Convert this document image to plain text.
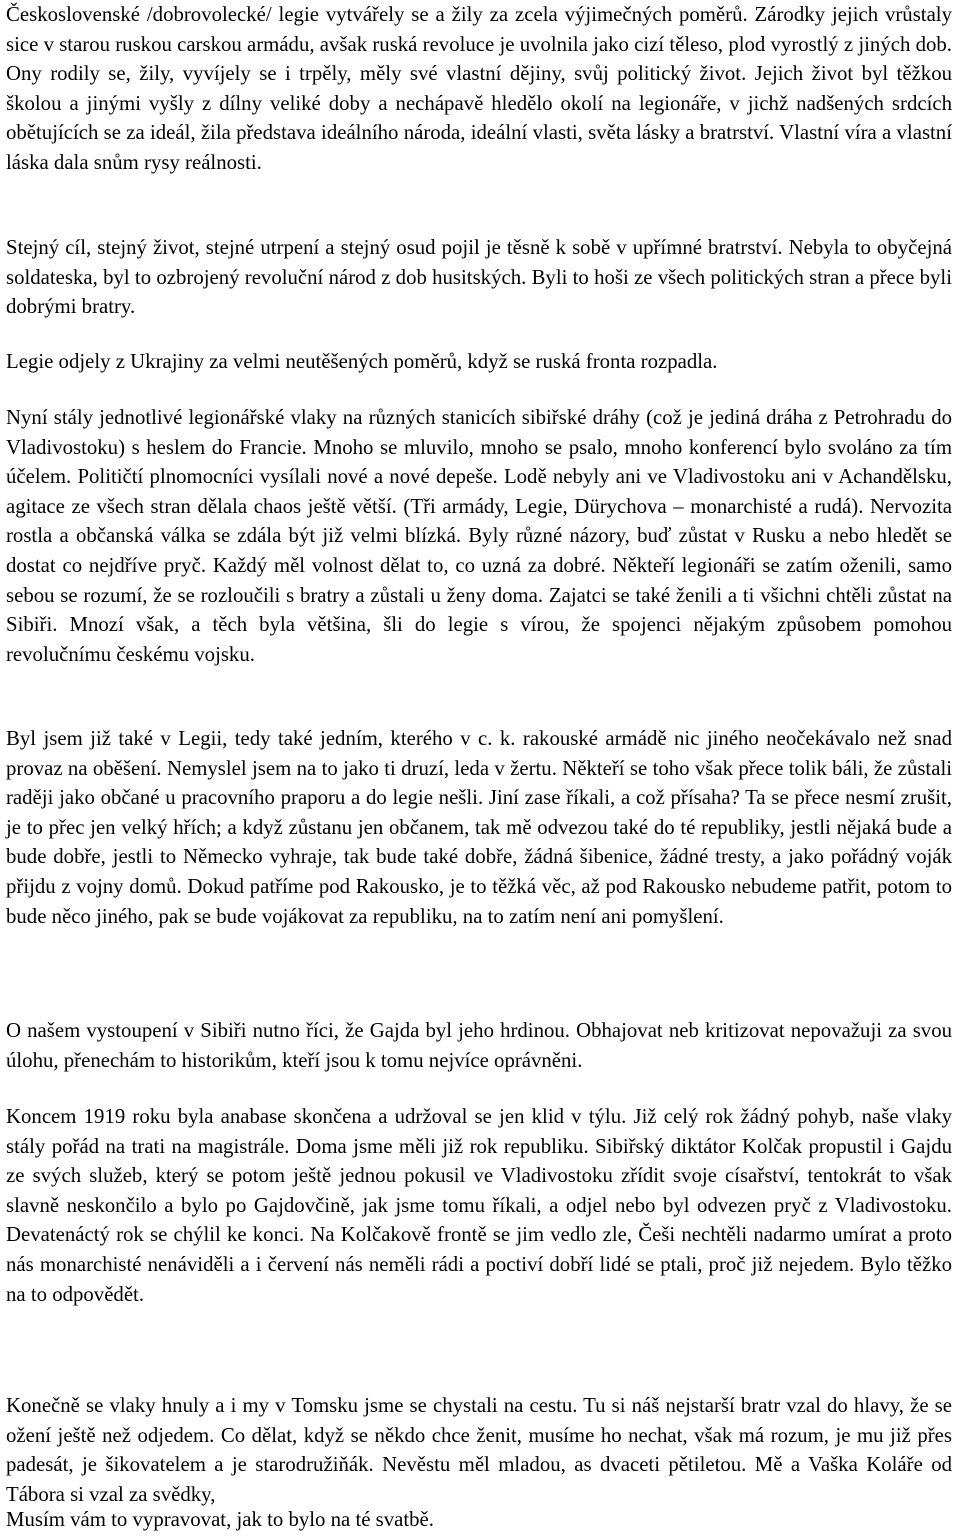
Československé /dobrovolecké/ legie vytvářely se a žily za zcela výjimečných poměrů. Zárodky jejich vrůstaly sice v starou ruskou carskou armádu, avšak ruská revoluce je uvolnila jako cizí těleso, plod vyrostlý z jiných dob. Ony rodily se, žily, vyvíjely se i trpěly, měly své vlastní dějiny, svůj politický život. Jejich život byl těžkou školou a jinými vyšly z dílny veliké doby a nechápavě hledělo okolí na legionáře, v jichž nadšených srdcích obětujících se za ideál, žila představa ideálního národa, ideální vlasti, světa lásky a bratrství. Vlastní víra a vlastní láska dala snům rysy reálnosti.

Stejný cíl, stejný život, stejné utrpení a stejný osud pojil je těsně k sobě v upřímné bratrství. Nebyla to obyčejná soldateska, byl to ozbrojený revoluční národ z dob husitských. Byli to hoši ze všech politických stran a přece byli dobrými bratry.

Legie odjely z Ukrajiny za velmi neutěšených poměrů, když se ruská fronta rozpadla.

Nyní stály jednotlivé legionářské vlaky na různých stanicích sibiřské dráhy (což je jediná dráha z Petrohradu do Vladivostoku) s heslem do Francie. Mnoho se mluvilo, mnoho se psalo, mnoho konferencí bylo svoláno za tím účelem. Političtí plnomocníci vysílali nové a nové depeše. Lodě nebyly ani ve Vladivostoku ani v Achandělsku, agitace ze všech stran dělala chaos ještě větší. (Tři armády, Legie, Dürychova – monarchisté a rudá). Nervozita rostla a občanská válka se zdála být již velmi blízká. Byly různé názory, buď zůstat v Rusku a nebo hledět se dostat co nejdříve pryč. Každý měl volnost dělat to, co uzná za dobré. Někteří legionáři se zatím oženili, samo sebou se rozumí, že se rozloučili s bratry a zůstali u ženy doma. Zajatci se také ženili a ti všichni chtěli zůstat na Sibiři. Mnozí však, a těch byla většina, šli do legie s vírou, že spojenci nějakým způsobem pomohou revolučnímu českému vojsku.

Byl jsem již také v Legii, tedy také jedním, kterého v c. k. rakouské armádě nic jiného neočekávalo než snad provaz na oběšení. Nemyslel jsem na to jako ti druzí, leda v žertu. Někteří se toho však přece tolik báli, že zůstali raději jako občané u pracovního praporu a do legie nešli. Jiní zase říkali, a což přísaha? Ta se přece nesmí zrušit, je to přec jen velký hřích; a když zůstanu jen občanem, tak mě odvezou také do té republiky, jestli nějaká bude a bude dobře, jestli to Německo vyhraje, tak bude také dobře, žádná šibenice, žádné tresty, a jako pořádný voják přijdu z vojny domů. Dokud patříme pod Rakousko, je to těžká věc, až pod Rakousko nebudeme patřit, potom to bude něco jiného, pak se bude vojákovat za republiku, na to zatím není ani pomyšlení.

O našem vystoupení v Sibiři nutno říci, že Gajda byl jeho hrdinou. Obhajovat neb kritizovat nepovažuji za svou úlohu, přenechám to historikům, kteří jsou k tomu nejvíce oprávněni.

Koncem 1919 roku byla anabase skončena a udržoval se jen klid v týlu. Již celý rok žádný pohyb, naše vlaky stály pořád na trati na magistrále. Doma jsme měli již rok republiku. Sibiřský diktátor Kolčak propustil i Gajdu ze svých služeb, který se potom ještě jednou pokusil ve Vladivostoku zřídit svoje císařství, tentokrát to však slavně neskončilo a bylo po Gajdovčině, jak jsme tomu říkali, a odjel nebo byl odvezen pryč z Vladivostoku. Devatenáctý rok se chýlil ke konci. Na Kolčakově frontě se jim vedlo zle, Češi nechtěli nadarmo umírat a proto nás monarchisté nenáviděli a i červení nás neměli rádi a poctiví dobří lidé se ptali, proč již nejedem. Bylo těžko na to odpovědět.

Konečně se vlaky hnuly a i my v Tomsku jsme se chystali na cestu. Tu si náš nejstarší bratr vzal do hlavy, že se ožení ještě než odjedem. Co dělat, když se někdo chce ženit, musíme ho nechat, však má rozum, je mu již přes padesát, je šikovatelem a je starodružiňák. Nevěstu měl mladou, as dvaceti pětiletou. Mě a Vaška Koláře od Tábora si vzal za svědky,

Musím vám to vypravovat, jak to bylo na té svatbě.
